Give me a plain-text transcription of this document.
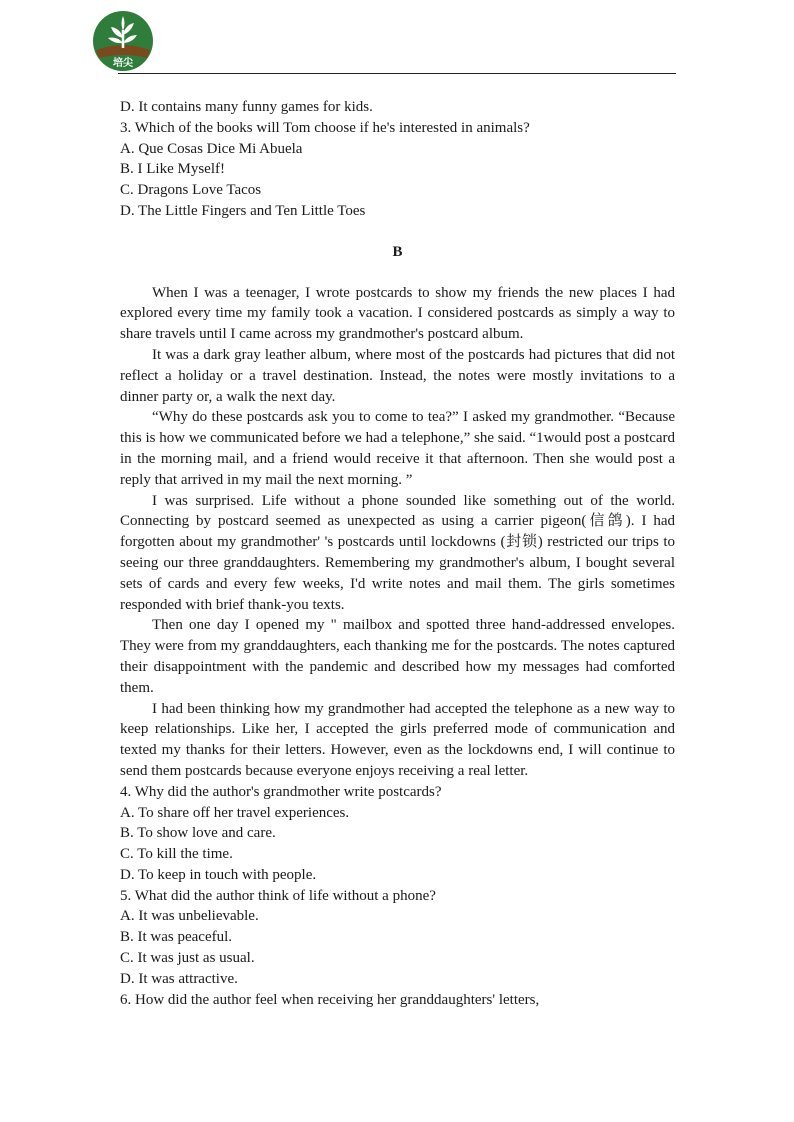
培尖
D. It contains many funny games for kids.
3. Which of the books will Tom choose if he's interested in animals?
A. Que Cosas Dice Mi Abuela
B. I Like Myself!
C. Dragons Love Tacos
D. The Little Fingers and Ten Little Toes
B
When I was a teenager, I wrote postcards to show my friends the new places I had explored every time my family took a vacation. I considered postcards as simply a way to share travels until I came across my grandmother's postcard album.
It was a dark gray leather album, where most of the postcards had pictures that did not reflect a holiday or a travel destination. Instead, the notes were mostly invitations to a dinner party or, a walk the next day.
“Why do these postcards ask you to come to tea?” I asked my grandmother. “Because this is how we communicated before we had a telephone,” she said. “1would post a postcard in the morning mail, and a friend would receive it that afternoon. Then she would post a reply that arrived in my mail the next morning. ”
I was surprised. Life without a phone sounded like something out of the world. Connecting by postcard seemed as unexpected as using a carrier pigeon(信鸽). I had forgotten about my grandmother' 's postcards until lockdowns (封锁) restricted our trips to seeing our three granddaughters. Remembering my grandmother's album, I bought several sets of cards and every few weeks, I'd write notes and mail them. The girls sometimes responded with brief thank-you texts.
Then one day I opened my " mailbox and spotted three hand-addressed envelopes. They were from my granddaughters, each thanking me for the postcards. The notes captured their disappointment with the pandemic and described how my messages had comforted them.
I had been thinking how my grandmother had accepted the telephone as a new way to keep relationships. Like her, I accepted the girls preferred mode of communication and texted my thanks for their letters. However, even as the lockdowns end, I will continue to send them postcards because everyone enjoys receiving a real letter.
4. Why did the author's grandmother write postcards?
A. To share off her travel experiences.
B. To show love and care.
C. To kill the time.
D. To keep in touch with people.
5. What did the author think of life without a phone?
A. It was unbelievable.
B. It was peaceful.
C. It was just as usual.
D. It was attractive.
6. How did the author feel when receiving her granddaughters' letters,
